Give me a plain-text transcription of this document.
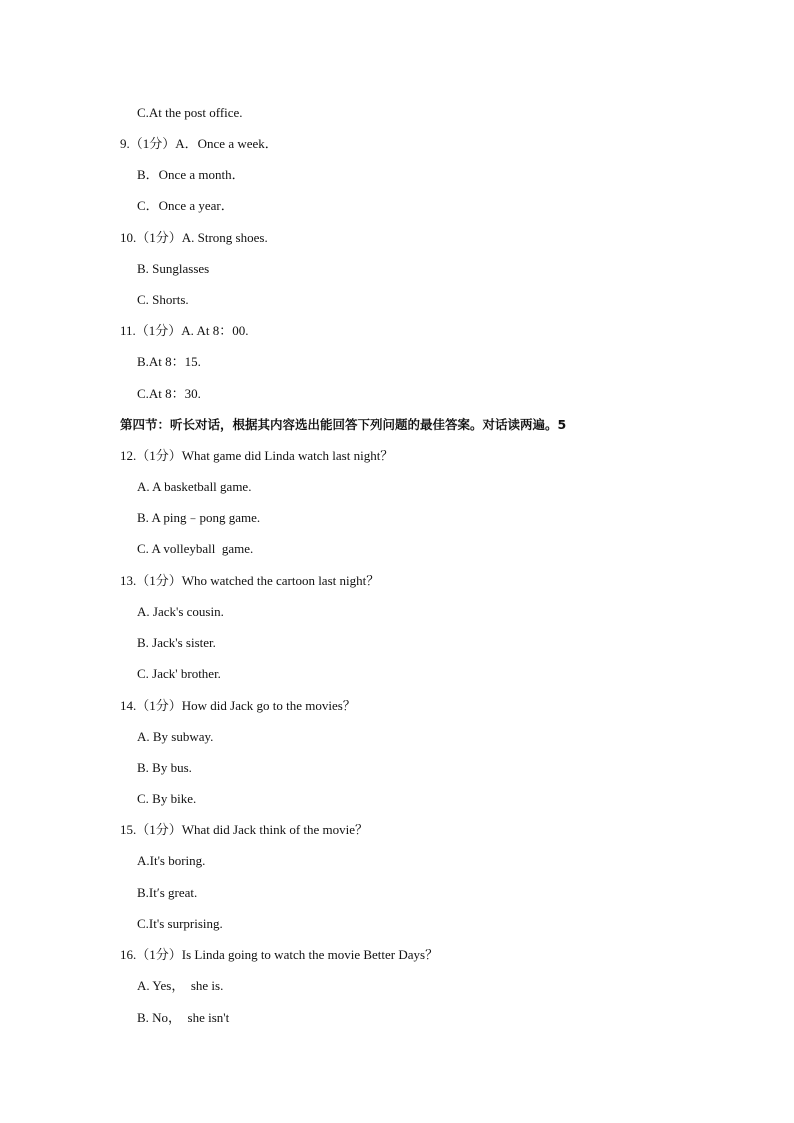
C.At the post office.
9.（1分）A．Once a week．
B．Once a month．
C．Once a year．
10.（1分）A. Strong shoes.
B. Sunglasses
C. Shorts.
11.（1分）A. At 8：00.
B.At 8：15.
C.At 8：30.
第四节：听长对话，根据其内容选出能回答下列问题的最佳答案。对话读两遍。5
12.（1分）What game did Linda watch last night？
A. A basketball game.
B. A ping﹣pong game.
C. A volleyball  game.
13.（1分）Who watched the cartoon last night？
A. Jack's cousin.
B. Jack's sister.
C. Jack' brother.
14.（1分）How did Jack go to the movies？
A. By subway.
B. By bus.
C. By bike.
15.（1分）What did Jack think of the movie？
A.It's boring.
B.It′s great.
C.It's surprising.
16.（1分）Is Linda going to watch the movie Better Days？
A. Yes，  she is.
B. No，  she isn't
